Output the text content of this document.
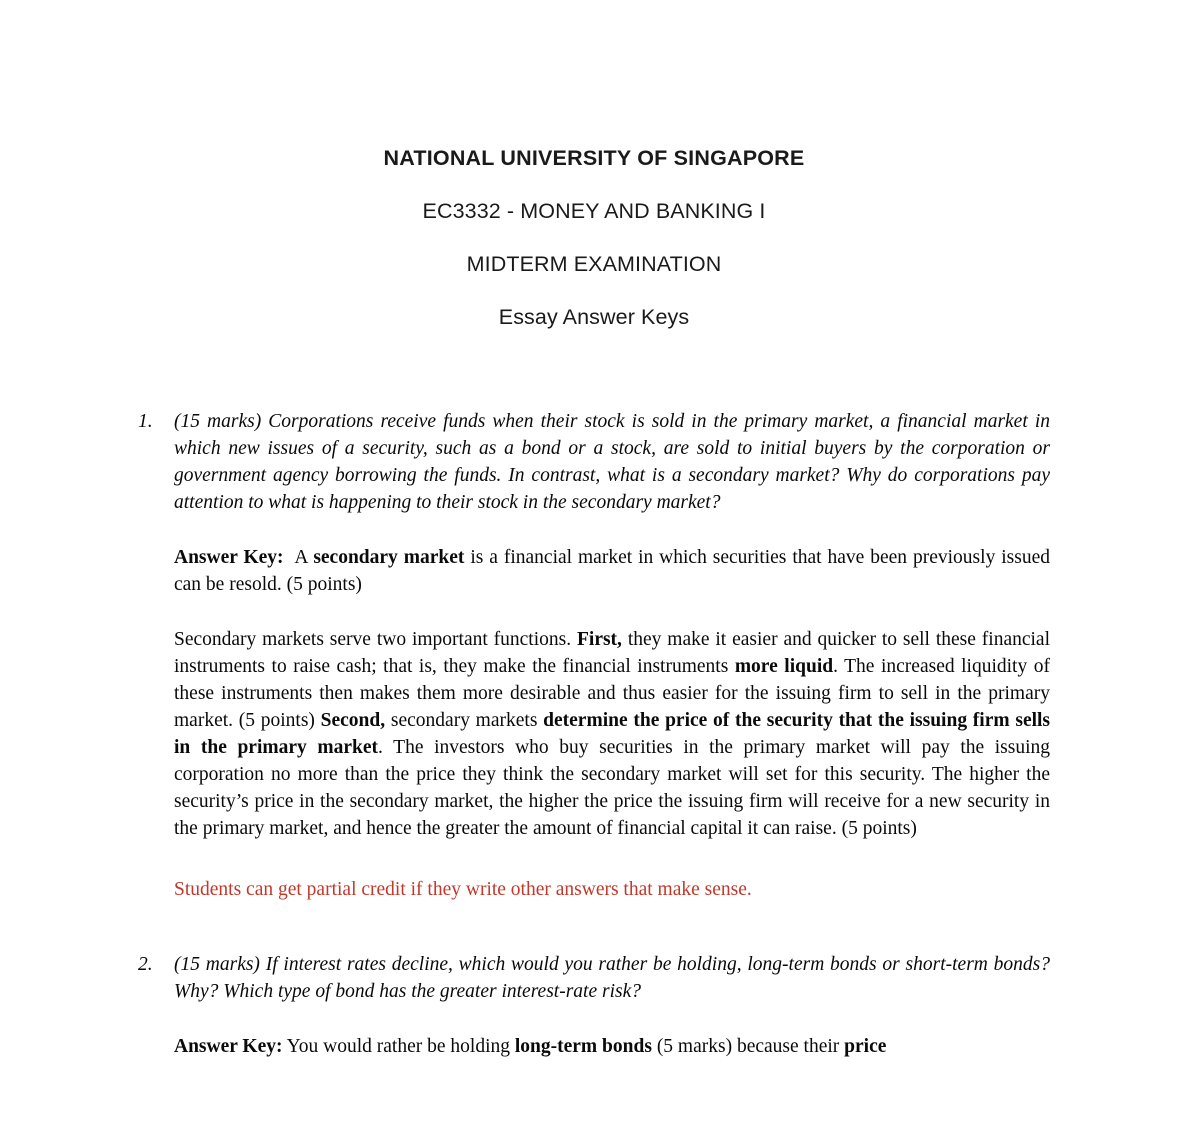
NATIONAL UNIVERSITY OF SINGAPORE
EC3332 - MONEY AND BANKING I
MIDTERM EXAMINATION
Essay Answer Keys
1.	(15 marks) Corporations receive funds when their stock is sold in the primary market, a financial market in which new issues of a security, such as a bond or a stock, are sold to initial buyers by the corporation or government agency borrowing the funds. In contrast, what is a secondary market? Why do corporations pay attention to what is happening to their stock in the secondary market?

Answer Key: A secondary market is a financial market in which securities that have been previously issued can be resold. (5 points)

Secondary markets serve two important functions. First, they make it easier and quicker to sell these financial instruments to raise cash; that is, they make the financial instruments more liquid. The increased liquidity of these instruments then makes them more desirable and thus easier for the issuing firm to sell in the primary market. (5 points) Second, secondary markets determine the price of the security that the issuing firm sells in the primary market. The investors who buy securities in the primary market will pay the issuing corporation no more than the price they think the secondary market will set for this security. The higher the security’s price in the secondary market, the higher the price the issuing firm will receive for a new security in the primary market, and hence the greater the amount of financial capital it can raise. (5 points)

Students can get partial credit if they write other answers that make sense.
2.	(15 marks) If interest rates decline, which would you rather be holding, long-term bonds or short-term bonds? Why? Which type of bond has the greater interest-rate risk?

Answer Key: You would rather be holding long-term bonds (5 marks) because their price
